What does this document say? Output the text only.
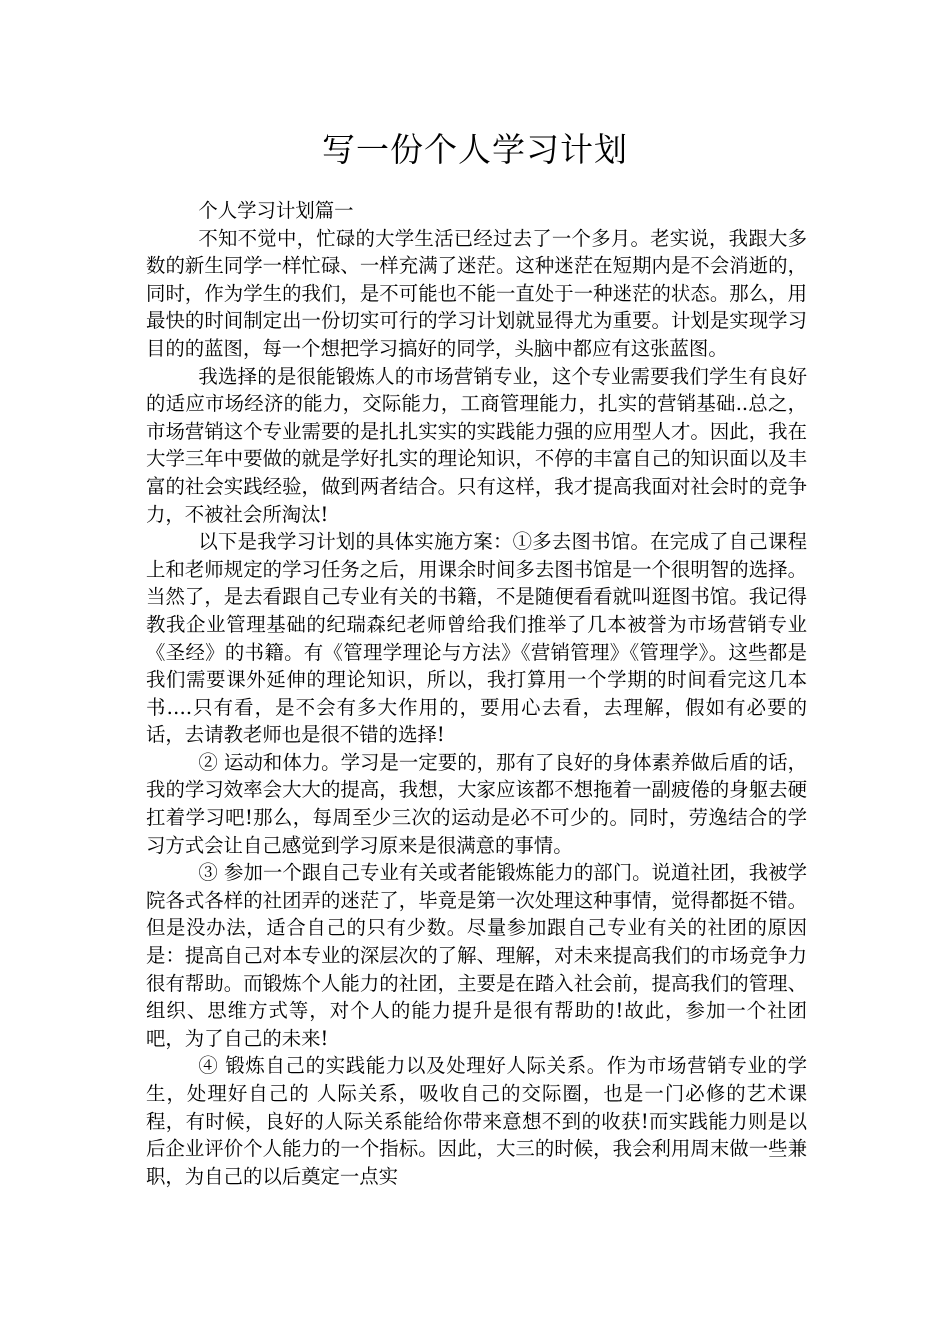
写一份个人学习计划

个人学习计划篇一

不知不觉中，忙碌的大学生活已经过去了一个多月。老实说，我跟大多数的新生同学一样忙碌、一样充满了迷茫。这种迷茫在短期内是不会消逝的，同时，作为学生的我们，是不可能也不能一直处于一种迷茫的状态。那么，用最快的时间制定出一份切实可行的学习计划就显得尤为重要。计划是实现学习目的的蓝图，每一个想把学习搞好的同学，头脑中都应有这张蓝图。

我选择的是很能锻炼人的市场营销专业，这个专业需要我们学生有良好的适应市场经济的能力，交际能力，工商管理能力，扎实的营销基础..总之，市场营销这个专业需要的是扎扎实实的实践能力强的应用型人才。因此，我在大学三年中要做的就是学好扎实的理论知识，不停的丰富自己的知识面以及丰富的社会实践经验，做到两者结合。只有这样，我才提高我面对社会时的竞争力，不被社会所淘汰!

以下是我学习计划的具体实施方案：①多去图书馆。在完成了自己课程上和老师规定的学习任务之后，用课余时间多去图书馆是一个很明智的选择。当然了，是去看跟自己专业有关的书籍，不是随便看看就叫逛图书馆。我记得教我企业管理基础的纪瑞森纪老师曾给我们推举了几本被誉为市场营销专业《圣经》的书籍。有《管理学理论与方法》《营销管理》《管理学》。这些都是我们需要课外延伸的理论知识，所以，我打算用一个学期的时间看完这几本书….只有看，是不会有多大作用的，要用心去看，去理解，假如有必要的话，去请教老师也是很不错的选择!

② 运动和体力。学习是一定要的，那有了良好的身体素养做后盾的话，我的学习效率会大大的提高，我想，大家应该都不想拖着一副疲倦的身躯去硬扛着学习吧!那么，每周至少三次的运动是必不可少的。同时，劳逸结合的学习方式会让自己感觉到学习原来是很满意的事情。

③ 参加一个跟自己专业有关或者能锻炼能力的部门。说道社团，我被学院各式各样的社团弄的迷茫了，毕竟是第一次处理这种事情，觉得都挺不错。但是没办法，适合自己的只有少数。尽量参加跟自己专业有关的社团的原因是：提高自己对本专业的深层次的了解、理解，对未来提高我们的市场竞争力很有帮助。而锻炼个人能力的社团，主要是在踏入社会前，提高我们的管理、组织、思维方式等，对个人的能力提升是很有帮助的!故此，参加一个社团吧，为了自己的未来!

④ 锻炼自己的实践能力以及处理好人际关系。作为市场营销专业的学生，处理好自己的 人际关系，吸收自己的交际圈，也是一门必修的艺术课程，有时候，良好的人际关系能给你带来意想不到的收获!而实践能力则是以后企业评价个人能力的一个指标。因此，大三的时候，我会利用周末做一些兼职，为自己的以后奠定一点实
